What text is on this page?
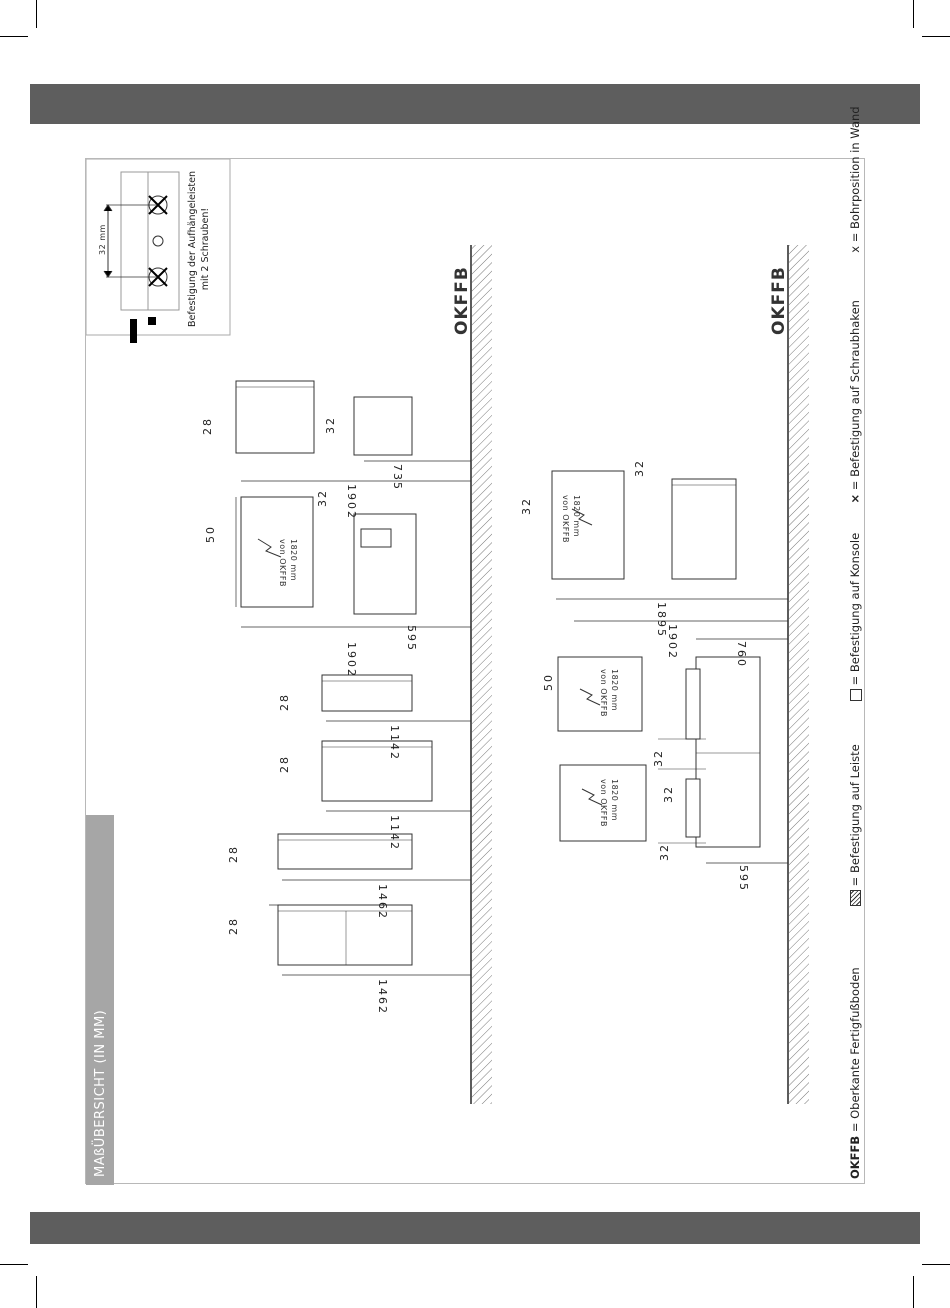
Befestigung der Aufhängeleisten mit 2 Schrauben!
32 mm
OKFFB	OKFFB
MAßÜBERSICHT (IN MM)
1462
28
1462
28
1142
28
1142
28
595
1902
50
32
1820 mm
von OKFFB
1902
28
735
32
1895
32	1820 mm
von OKFFB
32
1902
50	1820 mm
von OKFFB
760
595
32
32
32
1820 mm
von OKFFB
OKFFB = Oberkante Fertigfußboden   = Befestigung auf Leiste   = Befestigung auf Konsole  × = Befestigung auf Schraubhaken  x = Bohrposition in Wand
